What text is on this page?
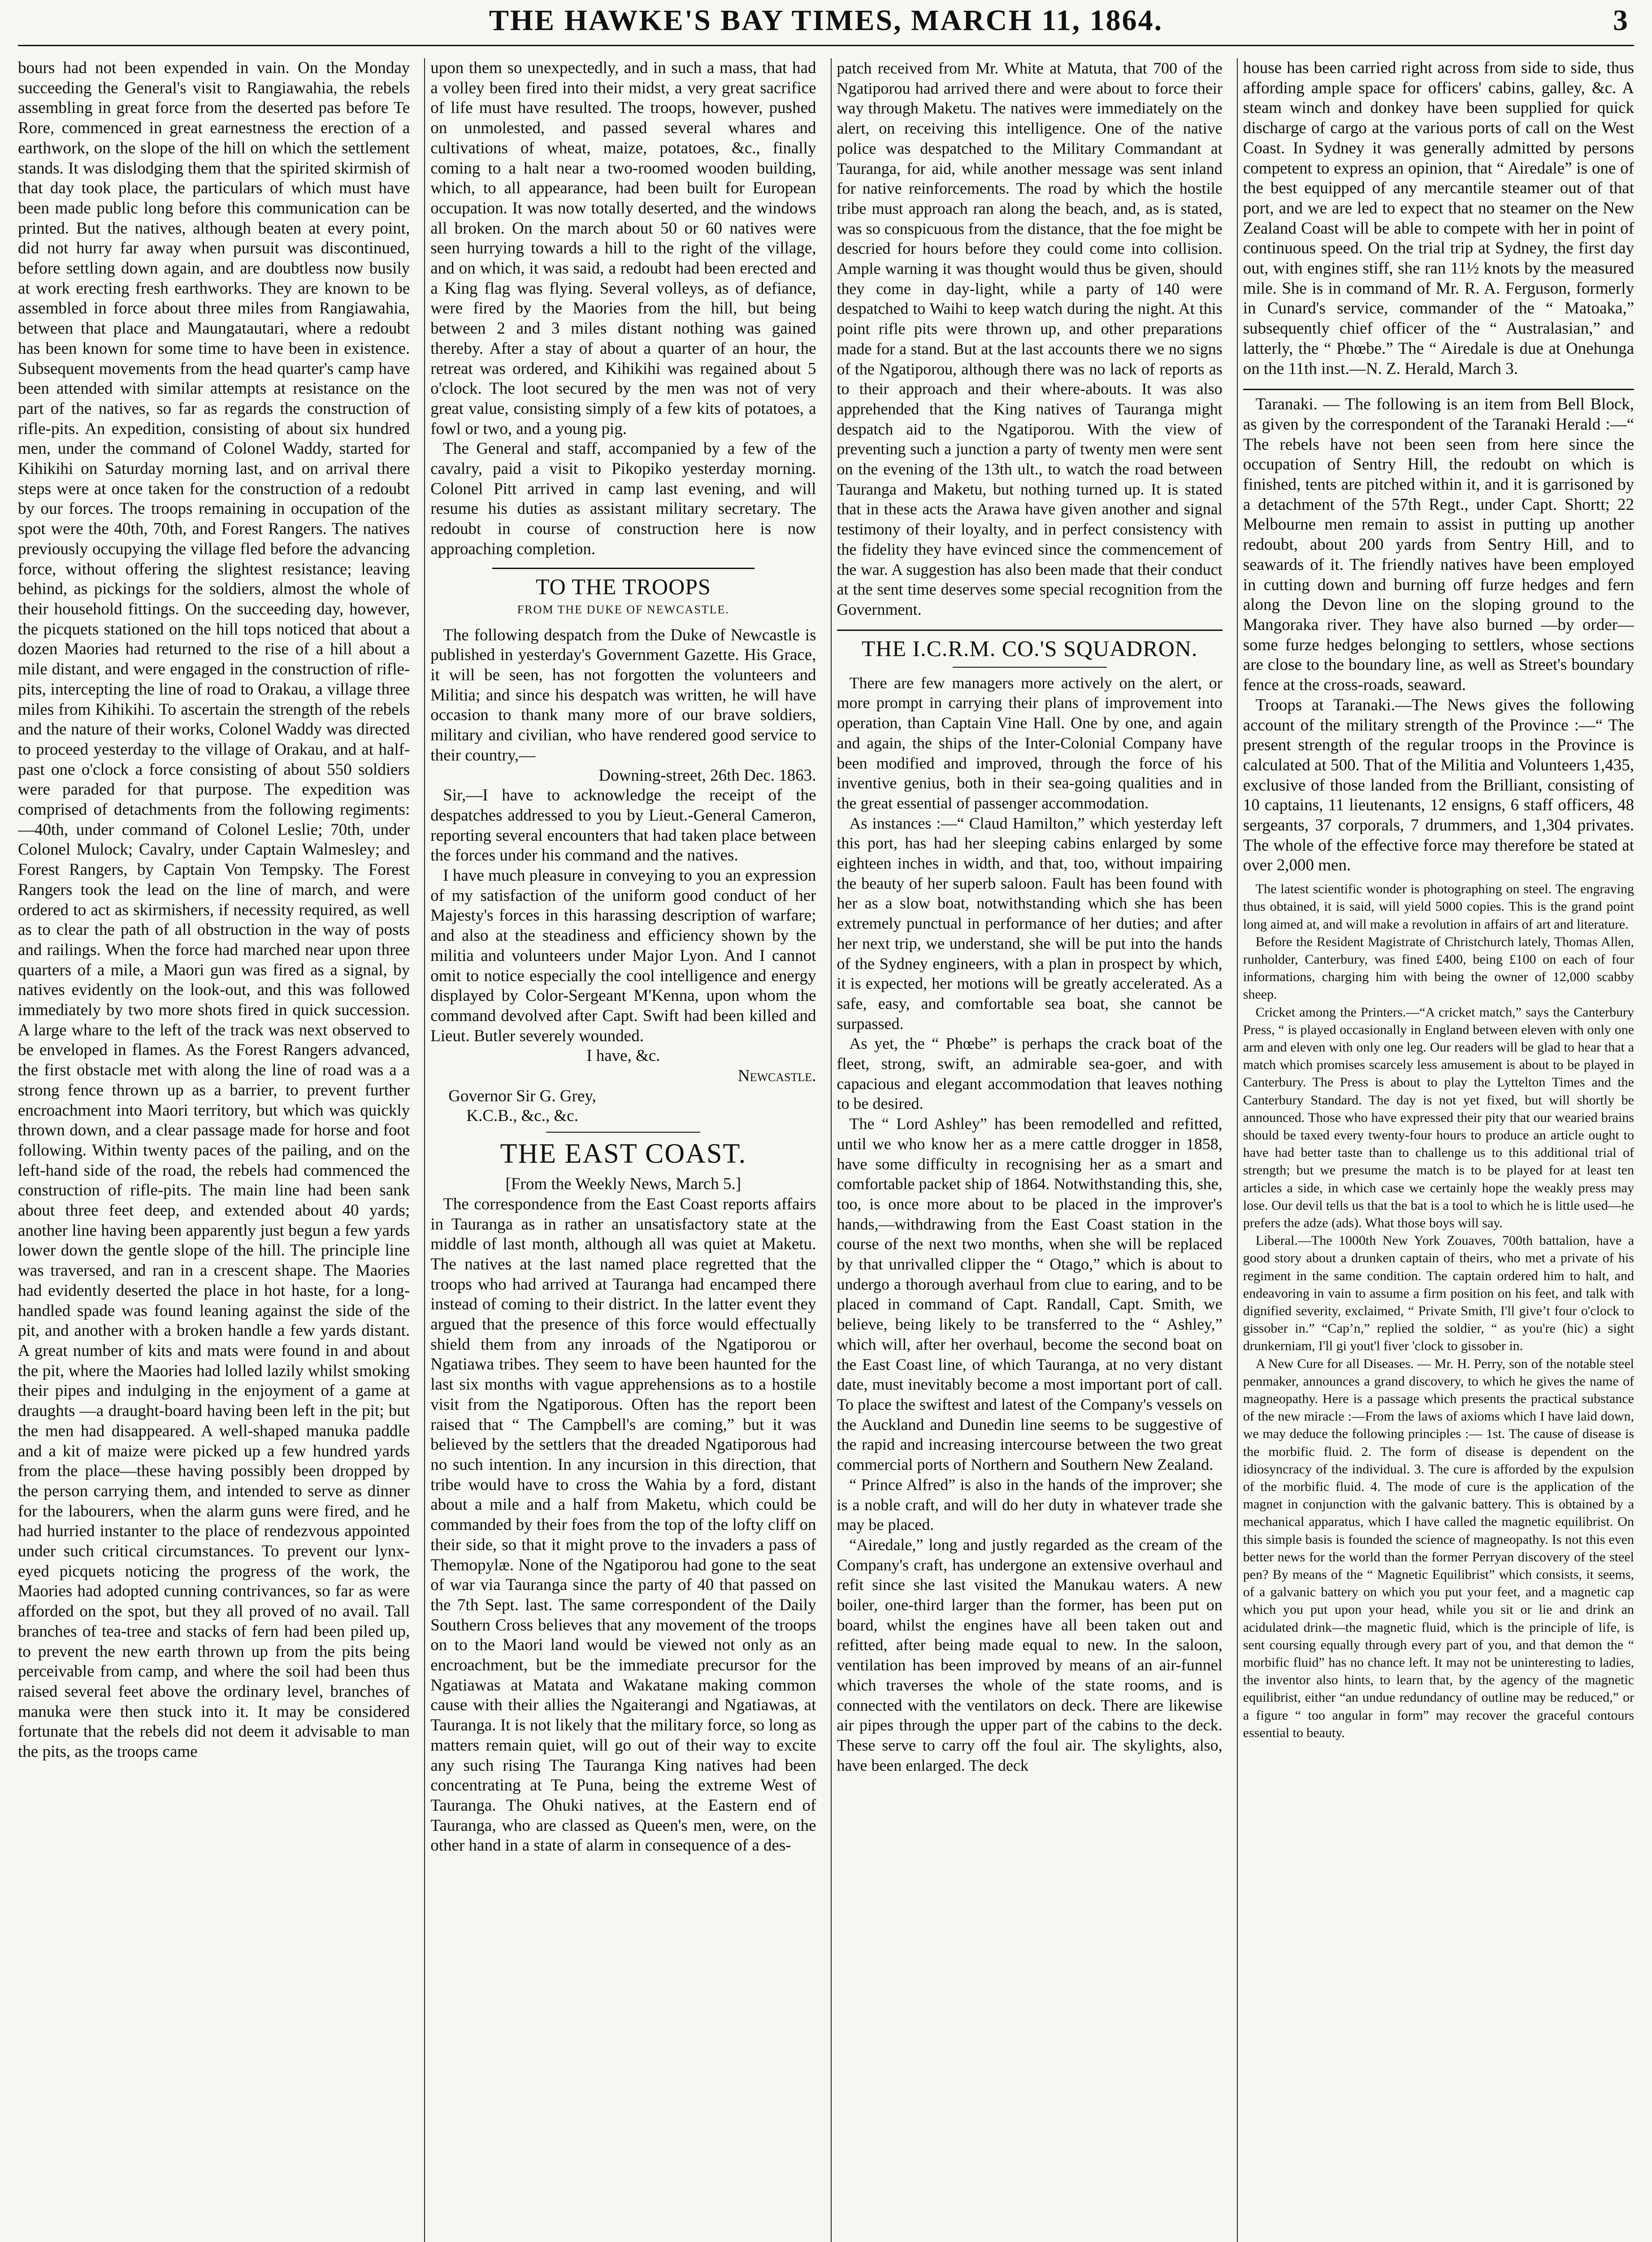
THE HAWKE'S BAY TIMES, MARCH 11, 1864.	3

bours had not been expended in vain. On the Monday succeeding the General's visit to Rangiawahia, the rebels assembling in great force from the deserted pas before Te Rore, commenced in great earnestness the erection of a earthwork, on the slope of the hill on which the settlement stands. It was dislodging them that the spirited skirmish of that day took place, the particulars of which must have been made public long before this communication can be printed. But the natives, although beaten at every point, did not hurry far away when pursuit was discontinued, before settling down again, and are doubtless now busily at work erecting fresh earthworks. They are known to be assembled in force about three miles from Rangiawahia, between that place and Maungatautari, where a redoubt has been known for some time to have been in existence. Subsequent movements from the head quarter's camp have been attended with similar attempts at resistance on the part of the natives, so far as regards the construction of rifle-pits. An expedition, consisting of about six hundred men, under the command of Colonel Waddy, started for Kihikihi on Saturday morning last, and on arrival there steps were at once taken for the construction of a redoubt by our forces. The troops remaining in occupation of the spot were the 40th, 70th, and Forest Rangers. The natives previously occupying the village fled before the advancing force, without offering the slightest resistance; leaving behind, as pickings for the soldiers, almost the whole of their household fittings. On the succeeding day, however, the picquets stationed on the hill tops noticed that about a dozen Maories had returned to the rise of a hill about a mile distant, and were engaged in the construction of rifle-pits, intercepting the line of road to Orakau, a village three miles from Kihikihi. To ascertain the strength of the rebels and the nature of their works, Colonel Waddy was directed to proceed yesterday to the village of Orakau, and at half-past one o'clock a force consisting of about 550 soldiers were paraded for that purpose. The expedition was comprised of detachments from the following regiments:—40th, under command of Colonel Leslie; 70th, under Colonel Mulock; Cavalry, under Captain Walmesley; and Forest Rangers, by Captain Von Tempsky. The Forest Rangers took the lead on the line of march, and were ordered to act as skirmishers, if necessity required, as well as to clear the path of all obstruction in the way of posts and railings. When the force had marched near upon three quarters of a mile, a Maori gun was fired as a signal, by natives evidently on the look-out, and this was followed immediately by two more shots fired in quick succession. A large whare to the left of the track was next observed to be enveloped in flames. As the Forest Rangers advanced, the first obstacle met with along the line of road was a a strong fence thrown up as a barrier, to prevent further encroachment into Maori territory, but which was quickly thrown down, and a clear passage made for horse and foot following. Within twenty paces of the pailing, and on the left-hand side of the road, the rebels had commenced the construction of rifle-pits. The main line had been sank about three feet deep, and extended about 40 yards; another line having been apparently just begun a few yards lower down the gentle slope of the hill. The principle line was traversed, and ran in a crescent shape. The Maories had evidently deserted the place in hot haste, for a long-handled spade was found leaning against the side of the pit, and another with a broken handle a few yards distant. A great number of kits and mats were found in and about the pit, where the Maories had lolled lazily whilst smoking their pipes and indulging in the enjoyment of a game at draughts —a draught-board having been left in the pit; but the men had disappeared. A well-shaped manuka paddle and a kit of maize were picked up a few hundred yards from the place—these having possibly been dropped by the person carrying them, and intended to serve as dinner for the labourers, when the alarm guns were fired, and he had hurried instanter to the place of rendezvous appointed under such critical circumstances. To prevent our lynx-eyed picquets noticing the progress of the work, the Maories had adopted cunning contrivances, so far as were afforded on the spot, but they all proved of no avail. Tall branches of tea-tree and stacks of fern had been piled up, to prevent the new earth thrown up from the pits being perceivable from camp, and where the soil had been thus raised several feet above the ordinary level, branches of manuka were then stuck into it. It may be considered fortunate that the rebels did not deem it advisable to man the pits, as the troops came

upon them so unexpectedly, and in such a mass, that had a volley been fired into their midst, a very great sacrifice of life must have resulted. The troops, however, pushed on unmolested, and passed several whares and cultivations of wheat, maize, potatoes, &c., finally coming to a halt near a two-roomed wooden building, which, to all appearance, had been built for European occupation. It was now totally deserted, and the windows all broken. On the march about 50 or 60 natives were seen hurrying towards a hill to the right of the village, and on which, it was said, a redoubt had been erected and a King flag was flying. Several volleys, as of defiance, were fired by the Maories from the hill, but being between 2 and 3 miles distant nothing was gained thereby. After a stay of about a quarter of an hour, the retreat was ordered, and Kihikihi was regained about 5 o'clock. The loot secured by the men was not of very great value, consisting simply of a few kits of potatoes, a fowl or two, and a young pig.

The General and staff, accompanied by a few of the cavalry, paid a visit to Pikopiko yesterday morning. Colonel Pitt arrived in camp last evening, and will resume his duties as assistant military secretary. The redoubt in course of construction here is now approaching completion.

TO THE TROOPS
FROM THE DUKE OF NEWCASTLE.

The following despatch from the Duke of Newcastle is published in yesterday's Government Gazette. His Grace, it will be seen, has not forgotten the volunteers and Militia; and since his despatch was written, he will have occasion to thank many more of our brave soldiers, military and civilian, who have rendered good service to their country,—

Downing-street, 26th Dec. 1863.

Sir,—I have to acknowledge the receipt of the despatches addressed to you by Lieut.-General Cameron, reporting several encounters that had taken place between the forces under his command and the natives.

I have much pleasure in conveying to you an expression of my satisfaction of the uniform good conduct of her Majesty's forces in this harassing description of warfare; and also at the steadiness and efficiency shown by the militia and volunteers under Major Lyon. And I cannot omit to notice especially the cool intelligence and energy displayed by Color-Sergeant M'Kenna, upon whom the command devolved after Capt. Swift had been killed and Lieut. Butler severely wounded.

I have, &c.

Newcastle.

Governor Sir G. Grey,

K.C.B., &c., &c.

THE EAST COAST.

[From the Weekly News, March 5.]

The correspondence from the East Coast reports affairs in Tauranga as in rather an unsatisfactory state at the middle of last month, although all was quiet at Maketu. The natives at the last named place regretted that the troops who had arrived at Tauranga had encamped there instead of coming to their district. In the latter event they argued that the presence of this force would effectually shield them from any inroads of the Ngatiporou or Ngatiawa tribes. They seem to have been haunted for the last six months with vague apprehensions as to a hostile visit from the Ngatiporous. Often has the report been raised that “ The Campbell's are coming,” but it was believed by the settlers that the dreaded Ngatiporous had no such intention. In any incursion in this direction, that tribe would have to cross the Wahia by a ford, distant about a mile and a half from Maketu, which could be commanded by their foes from the top of the lofty cliff on their side, so that it might prove to the invaders a pass of Themopylæ. None of the Ngatiporou had gone to the seat of war via Tauranga since the party of 40 that passed on the 7th Sept. last. The same correspondent of the Daily Southern Cross believes that any movement of the troops on to the Maori land would be viewed not only as an encroachment, but be the immediate precursor for the Ngatiawas at Matata and Wakatane making common cause with their allies the Ngaiterangi and Ngatiawas, at Tauranga. It is not likely that the military force, so long as matters remain quiet, will go out of their way to excite any such rising The Tauranga King natives had been concentrating at Te Puna, being the extreme West of Tauranga. The Ohuki natives, at the Eastern end of Tauranga, who are classed as Queen's men, were, on the other hand in a state of alarm in consequence of a des-

patch received from Mr. White at Matuta, that 700 of the Ngatiporou had arrived there and were about to force their way through Maketu. The natives were immediately on the alert, on receiving this intelligence. One of the native police was despatched to the Military Commandant at Tauranga, for aid, while another message was sent inland for native reinforcements. The road by which the hostile tribe must approach ran along the beach, and, as is stated, was so conspicuous from the distance, that the foe might be descried for hours before they could come into collision. Ample warning it was thought would thus be given, should they come in day-light, while a party of 140 were despatched to Waihi to keep watch during the night. At this point rifle pits were thrown up, and other preparations made for a stand. But at the last accounts there we no signs of the Ngatiporou, although there was no lack of reports as to their approach and their where-abouts. It was also apprehended that the King natives of Tauranga might despatch aid to the Ngatiporou. With the view of preventing such a junction a party of twenty men were sent on the evening of the 13th ult., to watch the road between Tauranga and Maketu, but nothing turned up. It is stated that in these acts the Arawa have given another and signal testimony of their loyalty, and in perfect consistency with the fidelity they have evinced since the commencement of the war. A suggestion has also been made that their conduct at the sent time deserves some special recognition from the Government.

THE I.C.R.M. CO.'S SQUADRON.

There are few managers more actively on the alert, or more prompt in carrying their plans of improvement into operation, than Captain Vine Hall. One by one, and again and again, the ships of the Inter-Colonial Company have been modified and improved, through the force of his inventive genius, both in their sea-going qualities and in the great essential of passenger accommodation.

As instances :—“ Claud Hamilton,” which yesterday left this port, has had her sleeping cabins enlarged by some eighteen inches in width, and that, too, without impairing the beauty of her superb saloon. Fault has been found with her as a slow boat, notwithstanding which she has been extremely punctual in performance of her duties; and after her next trip, we understand, she will be put into the hands of the Sydney engineers, with a plan in prospect by which, it is expected, her motions will be greatly accelerated. As a safe, easy, and comfortable sea boat, she cannot be surpassed.

As yet, the “ Phœbe” is perhaps the crack boat of the fleet, strong, swift, an admirable sea-goer, and with capacious and elegant accommodation that leaves nothing to be desired.

The “ Lord Ashley” has been remodelled and refitted, until we who know her as a mere cattle drogger in 1858, have some difficulty in recognising her as a smart and comfortable packet ship of 1864. Notwithstanding this, she, too, is once more about to be placed in the improver's hands,—withdrawing from the East Coast station in the course of the next two months, when she will be replaced by that unrivalled clipper the “ Otago,” which is about to undergo a thorough averhaul from clue to earing, and to be placed in command of Capt. Randall, Capt. Smith, we believe, being likely to be transferred to the “ Ashley,” which will, after her overhaul, become the second boat on the East Coast line, of which Tauranga, at no very distant date, must inevitably become a most important port of call. To place the swiftest and latest of the Company's vessels on the Auckland and Dunedin line seems to be suggestive of the rapid and increasing intercourse between the two great commercial ports of Northern and Southern New Zealand.

“ Prince Alfred” is also in the hands of the improver; she is a noble craft, and will do her duty in whatever trade she may be placed.

“Airedale,” long and justly regarded as the cream of the Company's craft, has undergone an extensive overhaul and refit since she last visited the Manukau waters. A new boiler, one-third larger than the former, has been put on board, whilst the engines have all been taken out and refitted, after being made equal to new. In the saloon, ventilation has been improved by means of an air-funnel which traverses the whole of the state rooms, and is connected with the ventilators on deck. There are likewise air pipes through the upper part of the cabins to the deck. These serve to carry off the foul air. The skylights, also, have been enlarged. The deck

house has been carried right across from side to side, thus affording ample space for officers' cabins, galley, &c. A steam winch and donkey have been supplied for quick discharge of cargo at the various ports of call on the West Coast. In Sydney it was generally admitted by persons competent to express an opinion, that “ Airedale” is one of the best equipped of any mercantile steamer out of that port, and we are led to expect that no steamer on the New Zealand Coast will be able to compete with her in point of continuous speed. On the trial trip at Sydney, the first day out, with engines stiff, she ran 11½ knots by the measured mile. She is in command of Mr. R. A. Ferguson, formerly in Cunard's service, commander of the “ Matoaka,” subsequently chief officer of the “ Australasian,” and latterly, the “ Phœbe.” The “ Airedale is due at Onehunga on the 11th inst.—N. Z. Herald, March 3.

Taranaki. — The following is an item from Bell Block, as given by the correspondent of the Taranaki Herald :—“ The rebels have not been seen from here since the occupation of Sentry Hill, the redoubt on which is finished, tents are pitched within it, and it is garrisoned by a detachment of the 57th Regt., under Capt. Shortt; 22 Melbourne men remain to assist in putting up another redoubt, about 200 yards from Sentry Hill, and to seawards of it. The friendly natives have been employed in cutting down and burning off furze hedges and fern along the Devon line on the sloping ground to the Mangoraka river. They have also burned —by order—some furze hedges belonging to settlers, whose sections are close to the boundary line, as well as Street's boundary fence at the cross-roads, seaward.

Troops at Taranaki.—The News gives the following account of the military strength of the Province :—“ The present strength of the regular troops in the Province is calculated at 500. That of the Militia and Volunteers 1,435, exclusive of those landed from the Brilliant, consisting of 10 captains, 11 lieutenants, 12 ensigns, 6 staff officers, 48 sergeants, 37 corporals, 7 drummers, and 1,304 privates. The whole of the effective force may therefore be stated at over 2,000 men.

The latest scientific wonder is photographing on steel. The engraving thus obtained, it is said, will yield 5000 copies. This is the grand point long aimed at, and will make a revolution in affairs of art and literature.

Before the Resident Magistrate of Christchurch lately, Thomas Allen, runholder, Canterbury, was fined £400, being £100 on each of four informations, charging him with being the owner of 12,000 scabby sheep.

Cricket among the Printers.—“A cricket match,” says the Canterbury Press, “ is played occasionally in England between eleven with only one arm and eleven with only one leg. Our readers will be glad to hear that a match which promises scarcely less amusement is about to be played in Canterbury. The Press is about to play the Lyttelton Times and the Canterbury Standard. The day is not yet fixed, but will shortly be announced. Those who have expressed their pity that our wearied brains should be taxed every twenty-four hours to produce an article ought to have had better taste than to challenge us to this additional trial of strength; but we presume the match is to be played for at least ten articles a side, in which case we certainly hope the weakly press may lose. Our devil tells us that the bat is a tool to which he is little used—he prefers the adze (ads). What those boys will say.

Liberal.—The 1000th New York Zouaves, 700th battalion, have a good story about a drunken captain of theirs, who met a private of his regiment in the same condition. The captain ordered him to halt, and endeavoring in vain to assume a firm position on his feet, and talk with dignified severity, exclaimed, “ Private Smith, I'll give’t four o'clock to gissober in.” “Cap’n,” replied the soldier, “ as you're (hic) a sight drunkerniam, I'll gi yout'l fiver 'clock to gissober in.

A New Cure for all Diseases. — Mr. H. Perry, son of the notable steel penmaker, announces a grand discovery, to which he gives the name of magneopathy. Here is a passage which presents the practical substance of the new miracle :—From the laws of axioms which I have laid down, we may deduce the following principles :— 1st. The cause of disease is the morbific fluid. 2. The form of disease is dependent on the idiosyncracy of the individual. 3. The cure is afforded by the expulsion of the morbific fluid. 4. The mode of cure is the application of the magnet in conjunction with the galvanic battery. This is obtained by a mechanical apparatus, which I have called the magnetic equilibrist. On this simple basis is founded the science of magneopathy. Is not this even better news for the world than the former Perryan discovery of the steel pen? By means of the “ Magnetic Equilibrist” which consists, it seems, of a galvanic battery on which you put your feet, and a magnetic cap which you put upon your head, while you sit or lie and drink an acidulated drink—the magnetic fluid, which is the principle of life, is sent coursing equally through every part of you, and that demon the “ morbific fluid” has no chance left. It may not be uninteresting to ladies, the inventor also hints, to learn that, by the agency of the magnetic equilibrist, either “an undue redundancy of outline may be reduced,” or a figure “ too angular in form” may recover the graceful contours essential to beauty.
